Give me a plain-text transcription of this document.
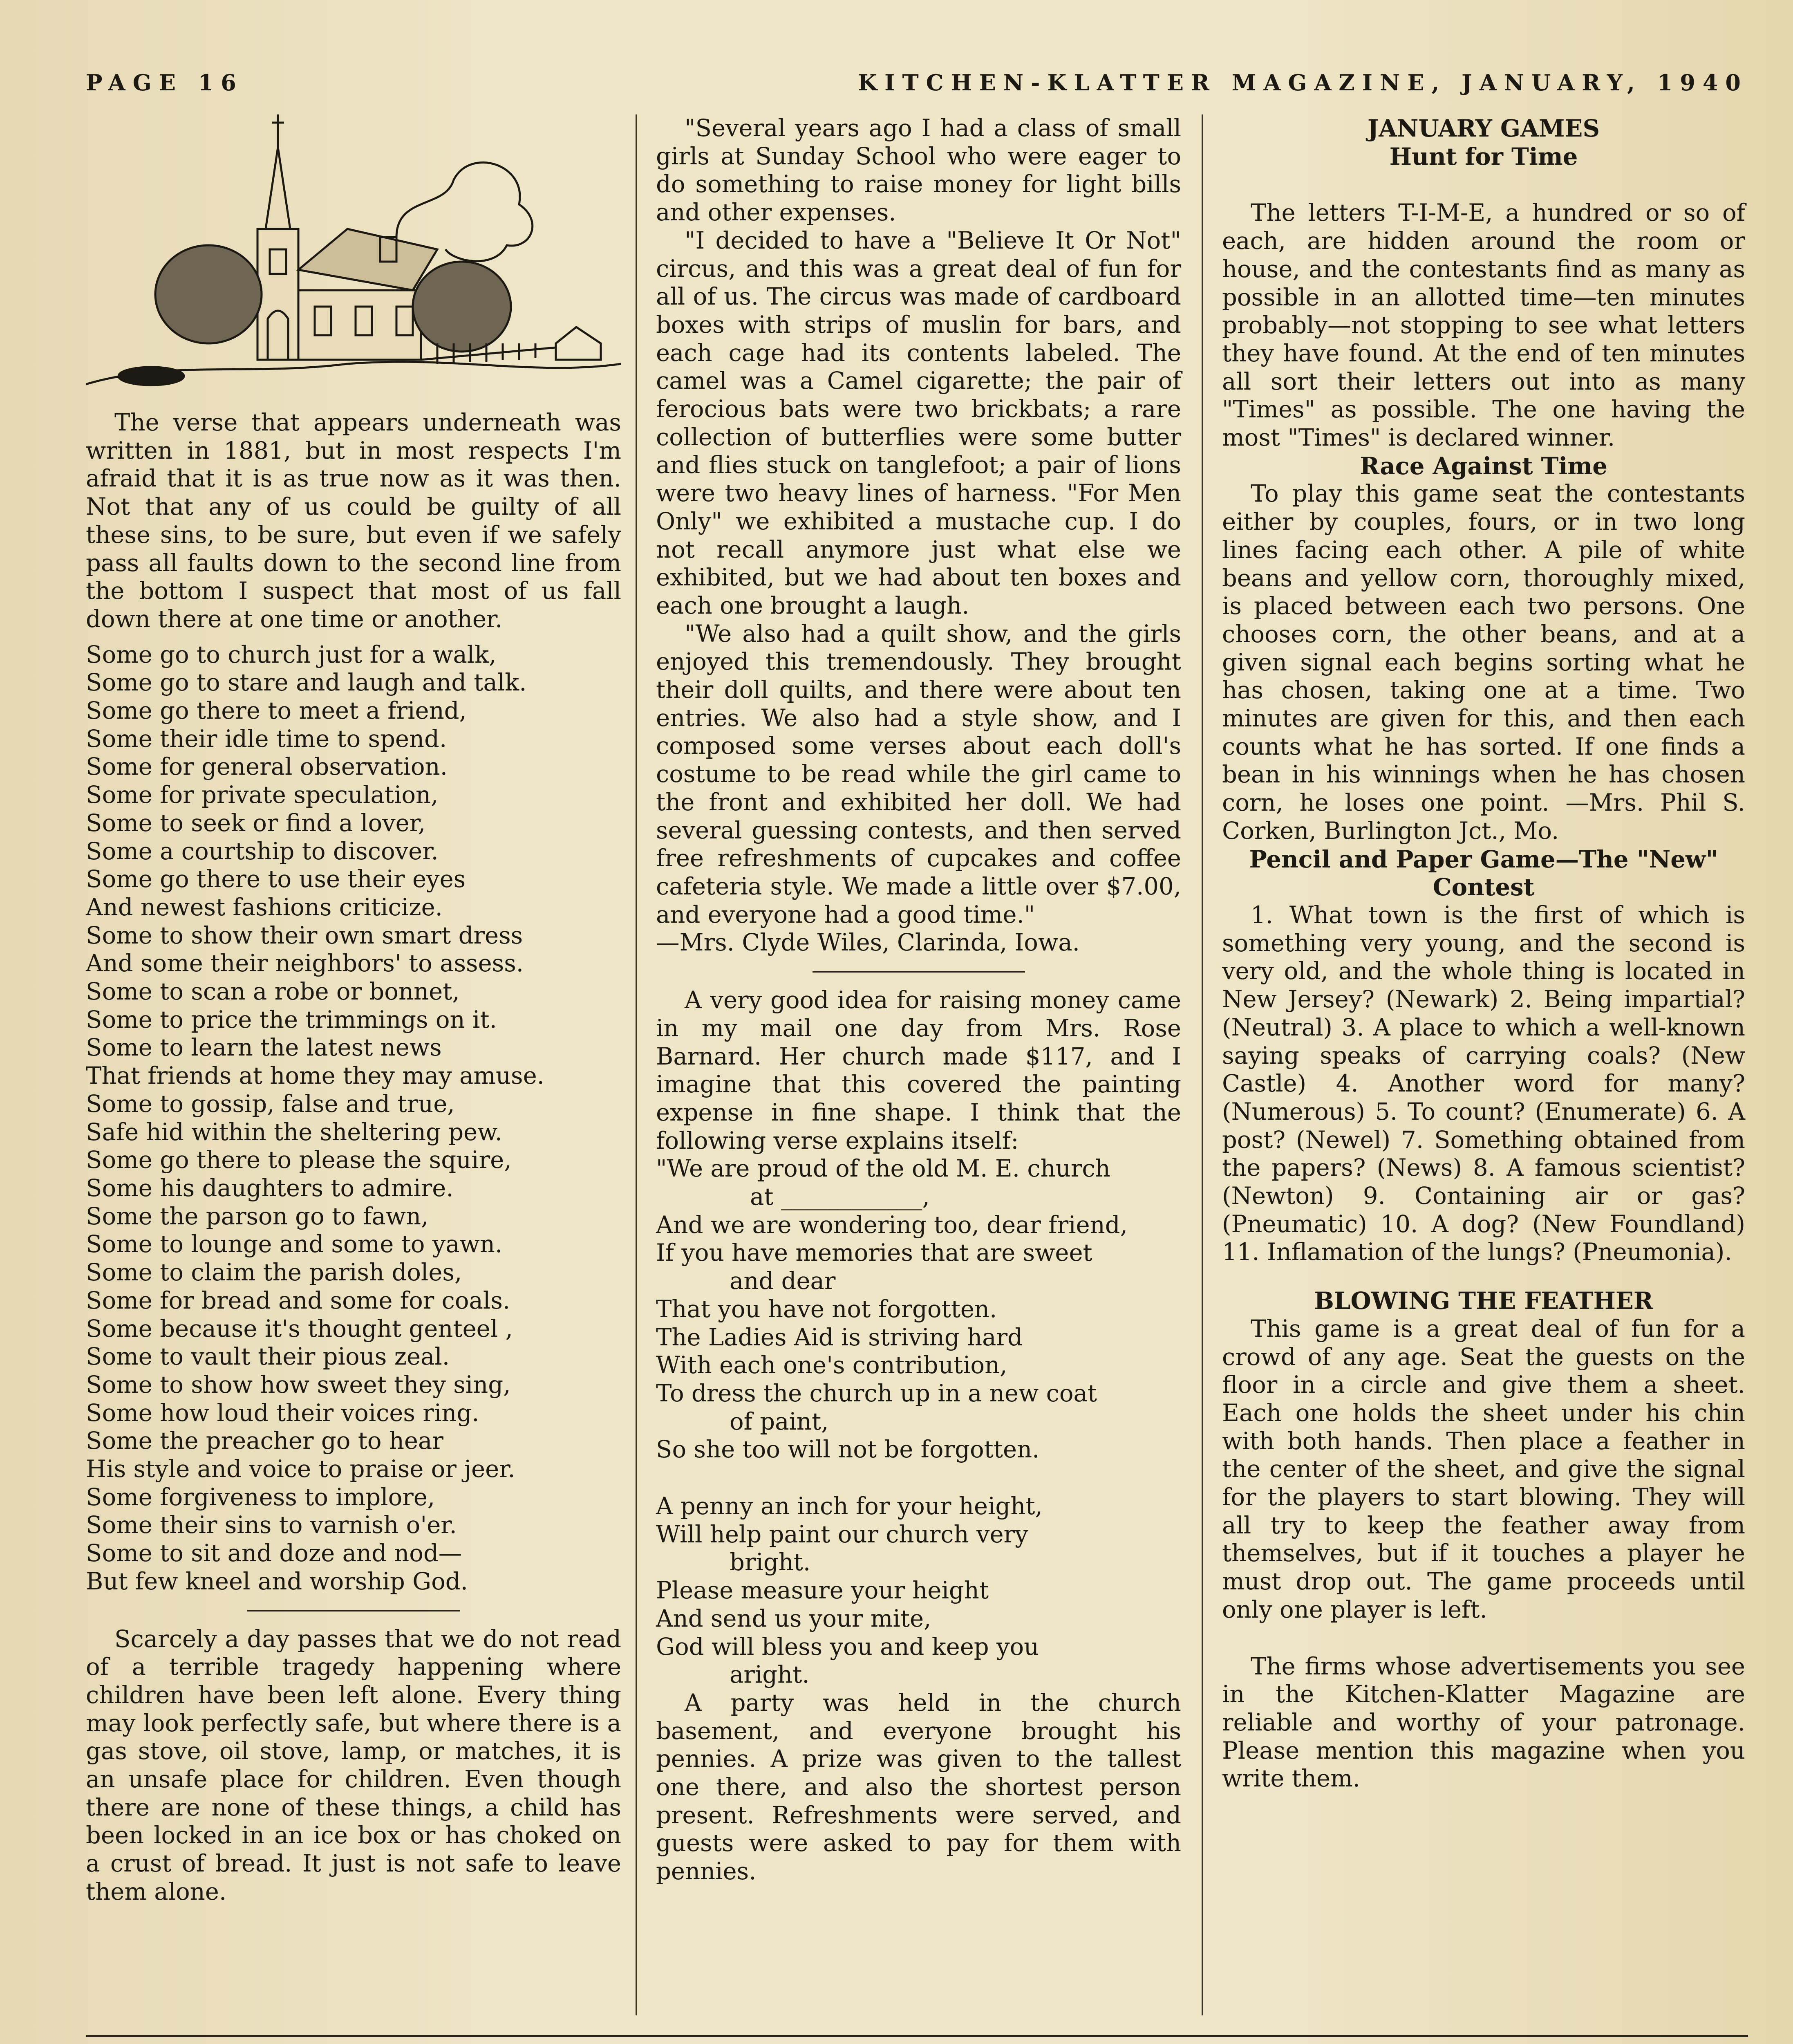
PAGE 16	KITCHEN-KLATTER MAGAZINE, JANUARY, 1940

The verse that appears underneath was written in 1881, but in most respects I'm afraid that it is as true now as it was then. Not that any of us could be guilty of all these sins, to be sure, but even if we safely pass all faults down to the second line from the bottom I suspect that most of us fall down there at one time or another.

Some go to church just for a walk,
Some go to stare and laugh and talk.
Some go there to meet a friend,
Some their idle time to spend.
Some for general observation.
Some for private speculation,
Some to seek or find a lover,
Some a courtship to discover.
Some go there to use their eyes
And newest fashions criticize.
Some to show their own smart dress
And some their neighbors' to assess.
Some to scan a robe or bonnet,
Some to price the trimmings on it.
Some to learn the latest news
That friends at home they may amuse.
Some to gossip, false and true,
Safe hid within the sheltering pew.
Some go there to please the squire,
Some his daughters to admire.
Some the parson go to fawn,
Some to lounge and some to yawn.
Some to claim the parish doles,
Some for bread and some for coals.
Some because it's thought genteel ,
Some to vault their pious zeal.
Some to show how sweet they sing,
Some how loud their voices ring.
Some the preacher go to hear
His style and voice to praise or jeer.
Some forgiveness to implore,
Some their sins to varnish o'er.
Some to sit and doze and nod—
But few kneel and worship God.

Scarcely a day passes that we do not read of a terrible tragedy happening where children have been left alone. Every thing may look perfectly safe, but where there is a gas stove, oil stove, lamp, or matches, it is an unsafe place for children. Even though there are none of these things, a child has been locked in an ice box or has choked on a crust of bread. It just is not safe to leave them alone.

"Several years ago I had a class of small girls at Sunday School who were eager to do something to raise money for light bills and other expenses.

"I decided to have a "Believe It Or Not" circus, and this was a great deal of fun for all of us. The circus was made of cardboard boxes with strips of muslin for bars, and each cage had its contents labeled. The camel was a Camel cigarette; the pair of ferocious bats were two brickbats; a rare collection of butterflies were some butter and flies stuck on tanglefoot; a pair of lions were two heavy lines of harness. "For Men Only" we exhibited a mustache cup. I do not recall anymore just what else we exhibited, but we had about ten boxes and each one brought a laugh.

"We also had a quilt show, and the girls enjoyed this tremendously. They brought their doll quilts, and there were about ten entries. We also had a style show, and I composed some verses about each doll's costume to be read while the girl came to the front and exhibited her doll. We had several guessing contests, and then served free refreshments of cupcakes and coffee cafeteria style. We made a little over $7.00, and everyone had a good time."

—Mrs. Clyde Wiles, Clarinda, Iowa.

A very good idea for raising money came in my mail one day from Mrs. Rose Barnard. Her church made $117, and I imagine that this covered the painting expense in fine shape. I think that the following verse explains itself:

"We are proud of the old M. E. church
at ____________,
And we are wondering too, dear friend,
If you have memories that are sweet
and dear
That you have not forgotten.
The Ladies Aid is striving hard
With each one's contribution,
To dress the church up in a new coat
of paint,
So she too will not be forgotten.
A penny an inch for your height,
Will help paint our church very
bright.
Please measure your height
And send us your mite,
God will bless you and keep you
aright.

A party was held in the church basement, and everyone brought his pennies. A prize was given to the tallest one there, and also the shortest person present. Refreshments were served, and guests were asked to pay for them with pennies.

JANUARY GAMES
Hunt for Time

The letters T-I-M-E, a hundred or so of each, are hidden around the room or house, and the contestants find as many as possible in an allotted time—ten minutes probably—not stopping to see what letters they have found. At the end of ten minutes all sort their letters out into as many "Times" as possible. The one having the most "Times" is declared winner.

Race Against Time

To play this game seat the contestants either by couples, fours, or in two long lines facing each other. A pile of white beans and yellow corn, thoroughly mixed, is placed between each two persons. One chooses corn, the other beans, and at a given signal each begins sorting what he has chosen, taking one at a time. Two minutes are given for this, and then each counts what he has sorted. If one finds a bean in his winnings when he has chosen corn, he loses one point. —Mrs. Phil S. Corken, Burlington Jct., Mo.

Pencil and Paper Game—The "New" Contest

1. What town is the first of which is something very young, and the second is very old, and the whole thing is located in New Jersey? (Newark) 2. Being impartial? (Neutral) 3. A place to which a well-known saying speaks of carrying coals? (New Castle) 4. Another word for many? (Numerous) 5. To count? (Enumerate) 6. A post? (Newel) 7. Something obtained from the papers? (News) 8. A famous scientist? (Newton) 9. Containing air or gas? (Pneumatic) 10. A dog? (New Foundland) 11. Inflamation of the lungs? (Pneumonia).

BLOWING THE FEATHER

This game is a great deal of fun for a crowd of any age. Seat the guests on the floor in a circle and give them a sheet. Each one holds the sheet under his chin with both hands. Then place a feather in the center of the sheet, and give the signal for the players to start blowing. They will all try to keep the feather away from themselves, but if it touches a player he must drop out. The game proceeds until only one player is left.

The firms whose advertisements you see in the Kitchen-Klatter Magazine are reliable and worthy of your patronage. Please mention this magazine when you write them.
